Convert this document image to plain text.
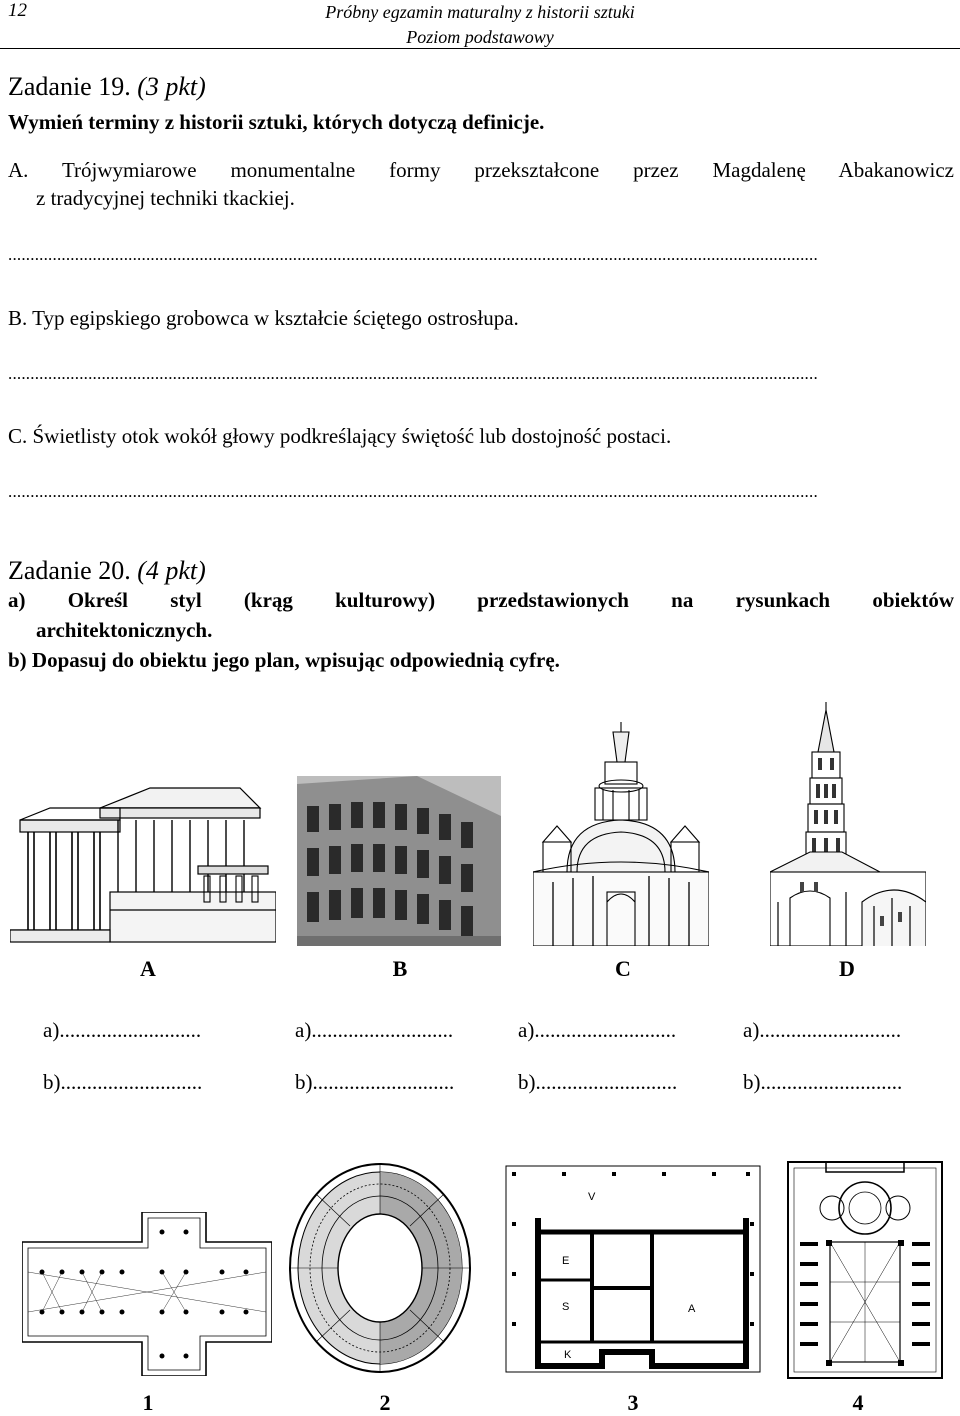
12	Próbny egzamin maturalny z historii sztuki
Poziom podstawowy
Zadanie 19. (3 pkt)
Wymień terminy z historii sztuki, których dotyczą definicje.
A. Trójwymiarowe monumentalne formy przekształcone przez Magdalenę Abakanowicz
z tradycyjnej techniki tkackiej.
......................................................................................................................................................................................
B. Typ egipskiego grobowca w kształcie ściętego ostrosłupa.
......................................................................................................................................................................................
C. Świetlisty otok wokół głowy podkreślający świętość lub dostojność postaci.
......................................................................................................................................................................................
Zadanie 20. (4 pkt)
a) Określ styl (krąg kulturowy) przedstawionych na rysunkach obiektów
architektonicznych.
b) Dopasuj do obiektu jego plan, wpisując odpowiednią cyfrę.
A	B	C	D
a)...........................	a)...........................	a)...........................	a)...........................
b)...........................	b)...........................	b)...........................	b)...........................
V
E
S	A
K
1	2	3	4
